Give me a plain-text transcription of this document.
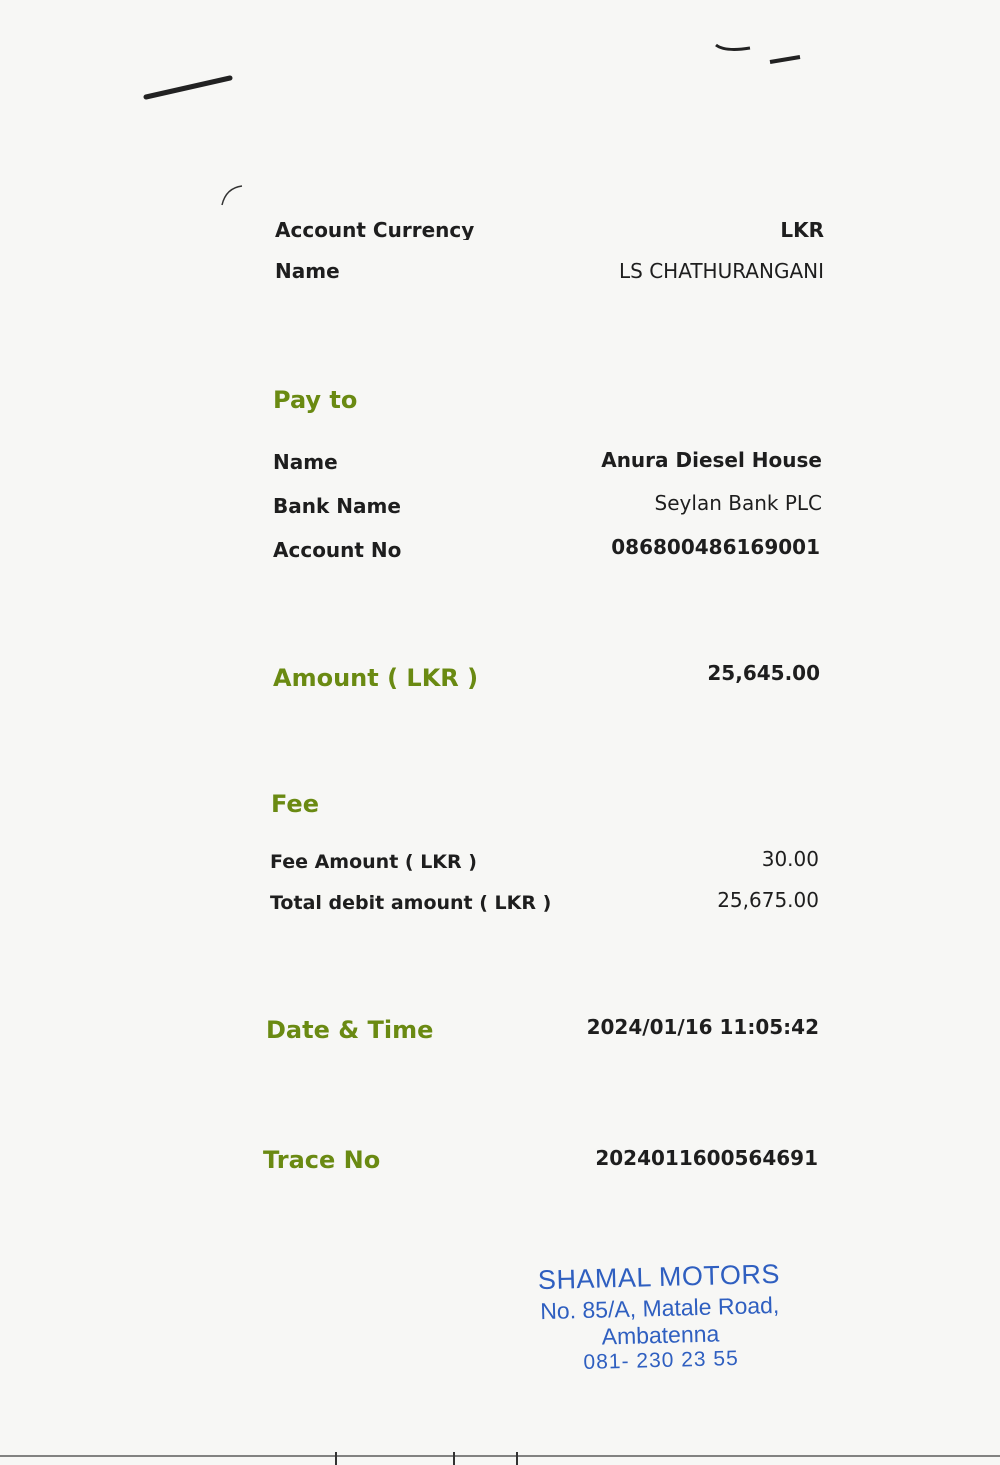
Account Currency	LKR
Name	LS CHATHURANGANI
Pay to
Name	Anura Diesel House
Bank Name	Seylan Bank PLC
Account No	086800486169001
Amount ( LKR )	25,645.00
Fee
Fee Amount ( LKR )	30.00
Total debit amount ( LKR )	25,675.00
Date & Time	2024/01/16 11:05:42
Trace No	2024011600564691
SHAMAL MOTORS
No. 85/A, Matale Road,
Ambatenna
081- 230 23 55
